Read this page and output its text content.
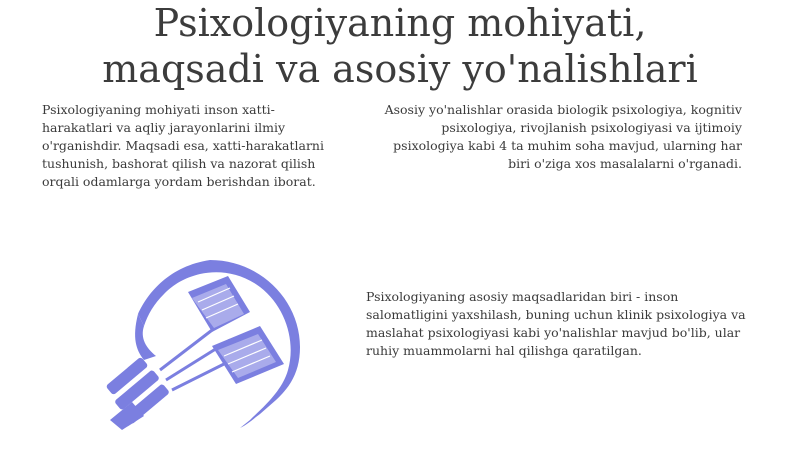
Psixologiyaning mohiyati,
maqsadi va asosiy yo'nalishlari

Psixologiyaning mohiyati inson xatti-harakatlari va aqliy jarayonlarini ilmiy o'rganishdir. Maqsadi esa, xatti-harakatlarni tushunish, bashorat qilish va nazorat qilish orqali odamlarga yordam berishdan iborat.

Asosiy yo'nalishlar orasida biologik psixologiya, kognitiv psixologiya, rivojlanish psixologiyasi va ijtimoiy psixologiya kabi 4 ta muhim soha mavjud, ularning har biri o'ziga xos masalalarni o'rganadi.

Psixologiyaning asosiy maqsadlaridan biri - inson salomatligini yaxshilash, buning uchun klinik psixologiya va maslahat psixologiyasi kabi yo'nalishlar mavjud bo'lib, ular ruhiy muammolarni hal qilishga qaratilgan.
